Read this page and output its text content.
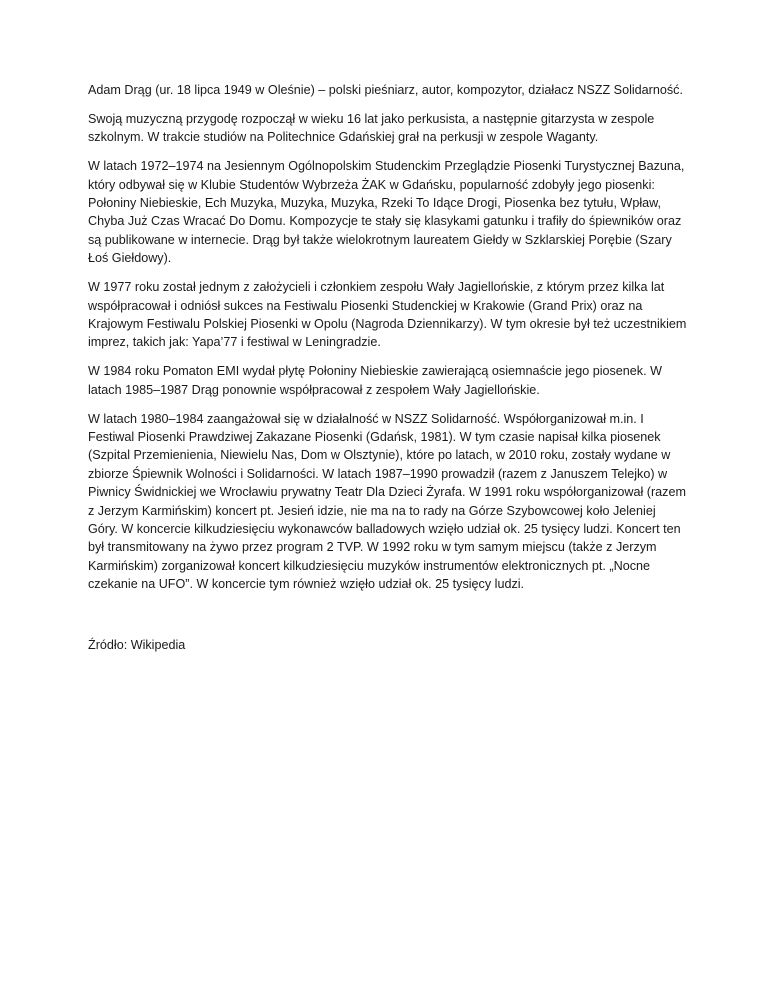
Adam Drąg (ur. 18 lipca 1949 w Oleśnie) – polski pieśniarz, autor, kompozytor, działacz NSZZ Solidarność.

Swoją muzyczną przygodę rozpoczął w wieku 16 lat jako perkusista, a następnie gitarzysta w zespole szkolnym. W trakcie studiów na Politechnice Gdańskiej grał na perkusji w zespole Waganty.

W latach 1972–1974 na Jesiennym Ogólnopolskim Studenckim Przeglądzie Piosenki Turystycznej Bazuna, który odbywał się w Klubie Studentów Wybrzeża ŻAK w Gdańsku, popularność zdobyły jego piosenki: Połoniny Niebieskie, Ech Muzyka, Muzyka, Muzyka, Rzeki To Idące Drogi, Piosenka bez tytułu, Wpław, Chyba Już Czas Wracać Do Domu. Kompozycje te stały się klasykami gatunku i trafiły do śpiewników oraz są publikowane w internecie. Drąg był także wielokrotnym laureatem Giełdy w Szklarskiej Porębie (Szary Łoś Giełdowy).

W 1977 roku został jednym z założycieli i członkiem zespołu Wały Jagiellońskie, z którym przez kilka lat współpracował i odniósł sukces na Festiwalu Piosenki Studenckiej w Krakowie (Grand Prix) oraz na Krajowym Festiwalu Polskiej Piosenki w Opolu (Nagroda Dziennikarzy). W tym okresie był też uczestnikiem imprez, takich jak: Yapa’77 i festiwal w Leningradzie.

W 1984 roku Pomaton EMI wydał płytę Połoniny Niebieskie zawierającą osiemnaście jego piosenek. W latach 1985–1987 Drąg ponownie współpracował z zespołem Wały Jagiellońskie.

W latach 1980–1984 zaangażował się w działalność w NSZZ Solidarność. Współorganizował m.in. I Festiwal Piosenki Prawdziwej Zakazane Piosenki (Gdańsk, 1981). W tym czasie napisał kilka piosenek (Szpital Przemienienia, Niewielu Nas, Dom w Olsztynie), które po latach, w 2010 roku, zostały wydane w zbiorze Śpiewnik Wolności i Solidarności. W latach 1987–1990 prowadził (razem z Januszem Telejko) w Piwnicy Świdnickiej we Wrocławiu prywatny Teatr Dla Dzieci Żyrafa. W 1991 roku współorganizował (razem z Jerzym Karmińskim) koncert pt. Jesień idzie, nie ma na to rady na Górze Szybowcowej koło Jeleniej Góry. W koncercie kilkudziesięciu wykonawców balladowych wzięło udział ok. 25 tysięcy ludzi. Koncert ten był transmitowany na żywo przez program 2 TVP. W 1992 roku w tym samym miejscu (także z Jerzym Karmińskim) zorganizował koncert kilkudziesięciu muzyków instrumentów elektronicznych pt. „Nocne czekanie na UFO”. W koncercie tym również wzięło udział ok. 25 tysięcy ludzi.

Źródło: Wikipedia
